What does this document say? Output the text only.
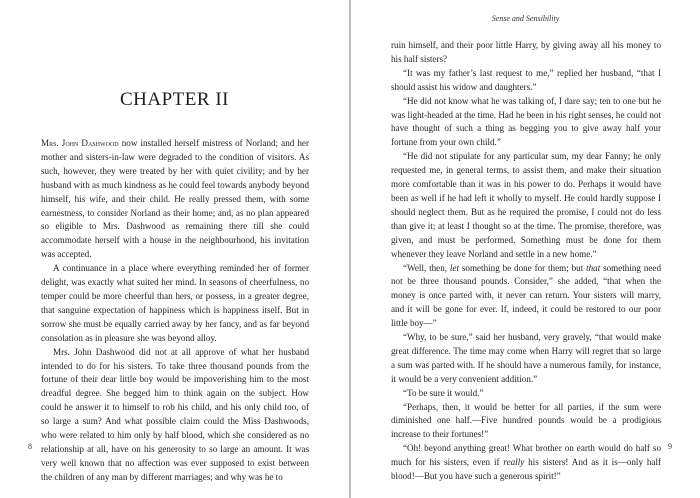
CHAPTER II

Mrs. John Dashwood now installed herself mistress of Norland; and her mother and sisters-in-law were degraded to the condition of visitors. As such, however, they were treated by her with quiet civility; and by her husband with as much kindness as he could feel towards anybody beyond himself, his wife, and their child. He really pressed them, with some earnestness, to consider Norland as their home; and, as no plan appeared so eligible to Mrs. Dashwood as remaining there till she could accommodate herself with a house in the neighbourhood, his invitation was accepted.

A continuance in a place where everything reminded her of former delight, was exactly what suited her mind. In seasons of cheerfulness, no temper could be more cheerful than hers, or possess, in a greater degree, that sanguine expectation of happiness which is happiness itself. But in sorrow she must be equally carried away by her fancy, and as far beyond consolation as in pleasure she was beyond alloy.

Mrs. John Dashwood did not at all approve of what her husband intended to do for his sisters. To take three thousand pounds from the fortune of their dear little boy would be impoverishing him to the most dreadful degree. She begged him to think again on the subject. How could he answer it to himself to rob his child, and his only child too, of so large a sum? And what possible claim could the Miss Dashwoods, who were related to him only by half blood, which she considered as no relationship at all, have on his generosity to so large an amount. It was very well known that no affection was ever supposed to exist between the children of any man by different marriages; and why was he to

8
Sense and Sensibility

ruin himself, and their poor little Harry, by giving away all his money to his half sisters?

“It was my father’s last request to me,” replied her husband, “that I should assist his widow and daughters.”

“He did not know what he was talking of, I dare say; ten to one but he was light-headed at the time. Had he been in his right senses, he could not have thought of such a thing as begging you to give away half your fortune from your own child.”

“He did not stipulate for any particular sum, my dear Fanny; he only requested me, in general terms, to assist them, and make their situation more comfortable than it was in his power to do. Perhaps it would have been as well if he had left it wholly to myself. He could hardly suppose I should neglect them. But as he required the promise, I could not do less than give it; at least I thought so at the time. The promise, therefore, was given, and must be performed. Something must be done for them whenever they leave Norland and settle in a new home.”

“Well, then, let something be done for them; but that something need not be three thousand pounds. Consider,” she added, “that when the money is once parted with, it never can return. Your sisters will marry, and it will be gone for ever. If, indeed, it could be restored to our poor little boy—”

“Why, to be sure,” said her husband, very gravely, “that would make great difference. The time may come when Harry will regret that so large a sum was parted with. If he should have a numerous family, for instance, it would be a very convenient addition.”

“To be sure it would.”

“Perhaps, then, it would be better for all parties, if the sum were diminished one half.—Five hundred pounds would be a prodigious increase to their fortunes!”

“Oh! beyond anything great! What brother on earth would do half so much for his sisters, even if really his sisters! And as it is—only half blood!—But you have such a generous spirit!”

9
